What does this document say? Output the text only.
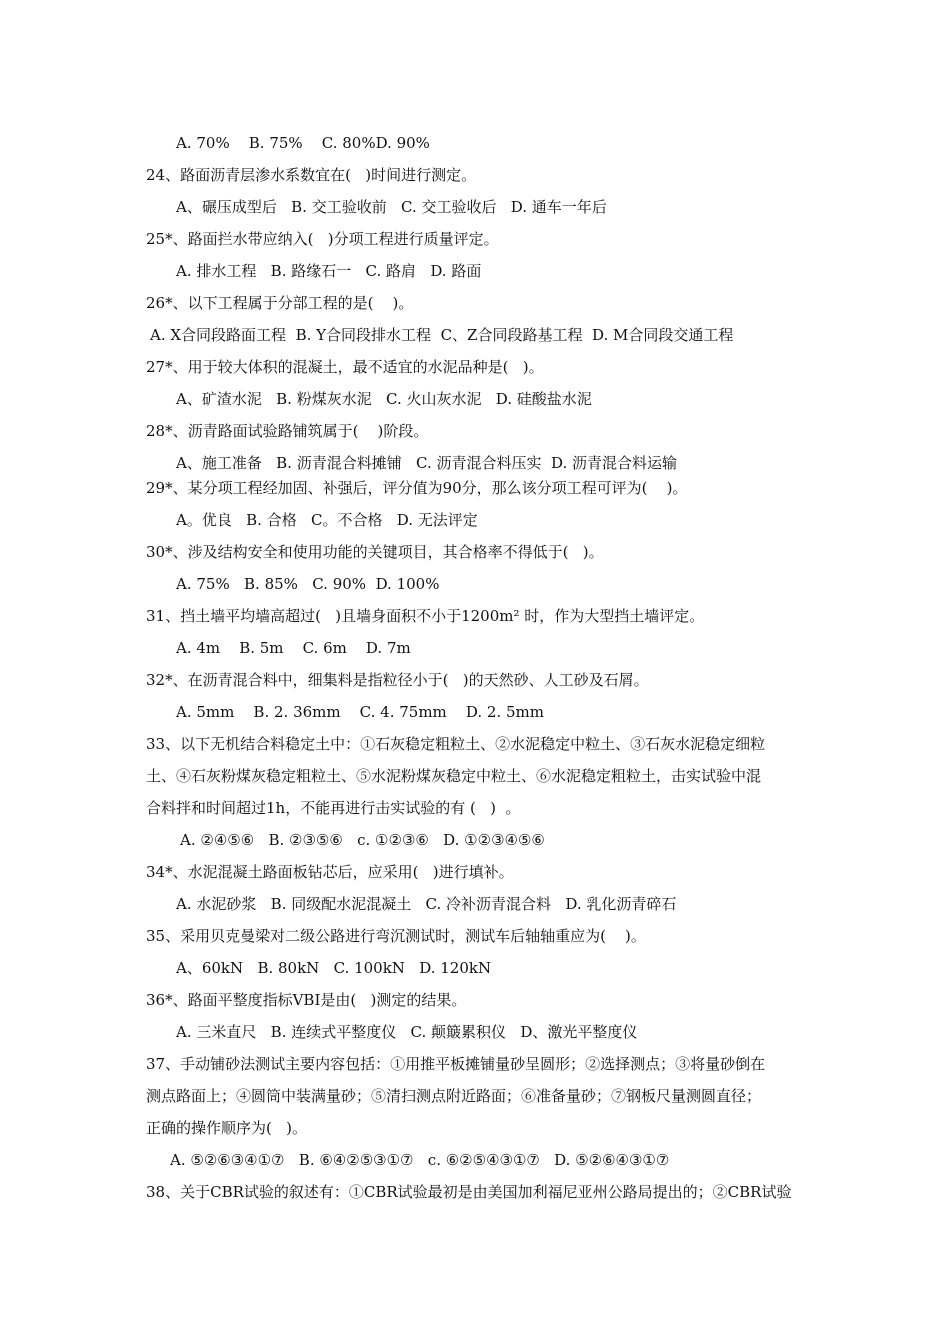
A. 70%    B. 75%    C. 80%D. 90%
24、路面沥青层渗水系数宜在(   )时间进行测定。
A、碾压成型后   B. 交工验收前   C. 交工验收后   D. 通车一年后
25*、路面拦水带应纳入(   )分项工程进行质量评定。
A. 排水工程   B. 路缘石一   C. 路肩   D. 路面
26*、以下工程属于分部工程的是(    )。
A. X合同段路面工程  B. Y合同段排水工程  C、Z合同段路基工程  D. M合同段交通工程
27*、用于较大体积的混凝土，最不适宜的水泥品种是(   )。
A、矿渣水泥   B. 粉煤灰水泥   C. 火山灰水泥   D. 硅酸盐水泥
28*、沥青路面试验路铺筑属于(    )阶段。
A、施工准备   B. 沥青混合料摊铺   C. 沥青混合料压实  D. 沥青混合料运输
29*、某分项工程经加固、补强后，评分值为90分，那么该分项工程可评为(    )。
A。优良   B. 合格   C。不合格   D. 无法评定
30*、涉及结构安全和使用功能的关键项目，其合格率不得低于(   )。
A. 75%   B. 85%   C. 90%  D. 100%
31、挡土墙平均墙高超过(   )且墙身面积不小于1200m² 时，作为大型挡土墙评定。
A. 4m    B. 5m    C. 6m    D. 7m
32*、在沥青混合料中，细集料是指粒径小于(   )的天然砂、人工砂及石屑。
A. 5mm    B. 2. 36mm    C. 4. 75mm    D. 2. 5mm
33、以下无机结合料稳定土中：①石灰稳定粗粒土、②水泥稳定中粒土、③石灰水泥稳定细粒
土、④石灰粉煤灰稳定粗粒土、⑤水泥粉煤灰稳定中粒土、⑥水泥稳定粗粒土，击实试验中混
合料拌和时间超过1h，不能再进行击实试验的有 (   )  。
A. ②④⑤⑥   B. ②③⑤⑥   c. ①②③⑥   D. ①②③④⑤⑥
34*、水泥混凝土路面板钻芯后，应采用(   )进行填补。
A. 水泥砂浆   B. 同级配水泥混凝土   C. 冷补沥青混合料   D. 乳化沥青碎石
35、采用贝克曼梁对二级公路进行弯沉测试时，测试车后轴轴重应为(    )。
A、60kN   B. 80kN   C. 100kN   D. 120kN
36*、路面平整度指标VBI是由(   )测定的结果。
A. 三米直尺   B. 连续式平整度仪   C. 颠簸累积仪   D、激光平整度仪
37、手动铺砂法测试主要内容包括：①用推平板摊铺量砂呈圆形；②选择测点；③将量砂倒在
测点路面上；④圆筒中装满量砂；⑤清扫测点附近路面；⑥准备量砂；⑦钢板尺量测圆直径；
正确的操作顺序为(   )。
A. ⑤②⑥③④①⑦   B. ⑥④②⑤③①⑦   c. ⑥②⑤④③①⑦   D. ⑤②⑥④③①⑦
38、关于CBR试验的叙述有：①CBR试验最初是由美国加利福尼亚州公路局提出的；②CBR试验
